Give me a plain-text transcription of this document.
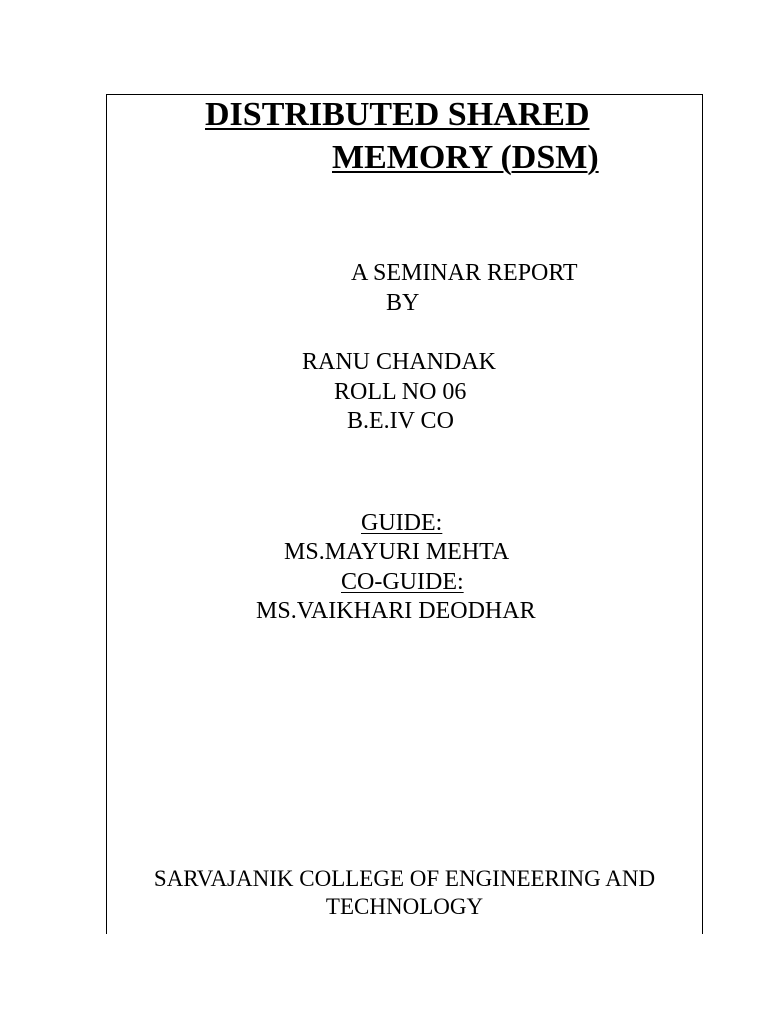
DISTRIBUTED SHARED
MEMORY (DSM)
A SEMINAR REPORT
BY
RANU CHANDAK
ROLL NO 06
B.E.IV CO
GUIDE:
MS.MAYURI MEHTA
CO-GUIDE:
MS.VAIKHARI DEODHAR
SARVAJANIK COLLEGE OF ENGINEERING AND
TECHNOLOGY
